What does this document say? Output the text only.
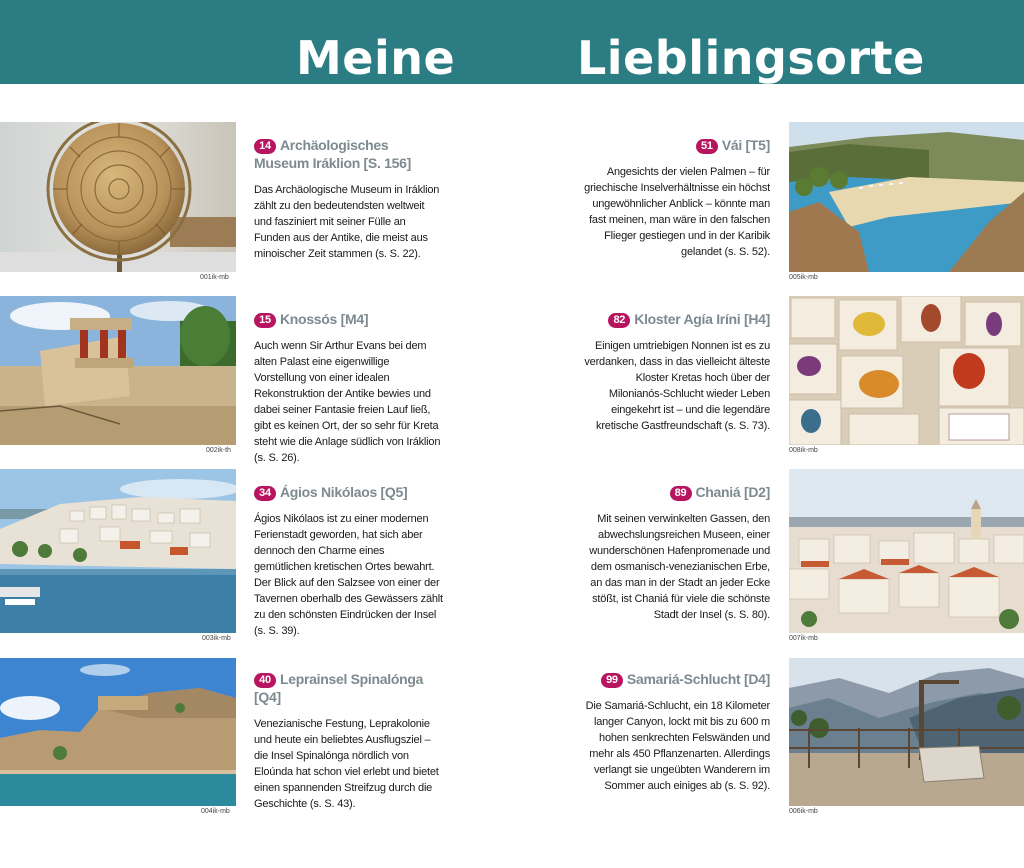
Meine	Lieblingsorte
001ik-mb
14 Archäologisches Museum Iráklion [S. 156]
Das Archäologische Museum in Iráklion zählt zu den bedeutendsten weltweit und fasziniert mit seiner Fülle an Funden aus der Antike, die meist aus minoischer Zeit stammen (s. S. 22).
002ik-th
15 Knossós [M4]
Auch wenn Sir Arthur Evans bei dem alten Palast eine eigenwillige Vorstellung von einer idealen Rekonstruktion der Antike bewies und dabei seiner Fantasie freien Lauf ließ, gibt es keinen Ort, der so sehr für Kreta steht wie die Anlage südlich von Iráklion (s. S. 26).
003ik-mb
34 Ágios Nikólaos [Q5]
Ágios Nikólaos ist zu einer modernen Ferienstadt geworden, hat sich aber dennoch den Charme eines gemütlichen kretischen Ortes bewahrt. Der Blick auf den Salzsee von einer der Tavernen oberhalb des Gewässers zählt zu den schönsten Eindrücken der Insel (s. S. 39).
004ik-mb
40 Leprainsel Spinalónga [Q4]
Venezianische Festung, Leprakolonie und heute ein beliebtes Ausflugsziel – die Insel Spinalónga nördlich von Eloúnda hat schon viel erlebt und bietet einen spannenden Streifzug durch die Geschichte (s. S. 43).
51 Vái [T5]
Angesichts der vielen Palmen – für griechische Inselverhältnisse ein höchst ungewöhnlicher Anblick – könnte man fast meinen, man wäre in den falschen Flieger gestiegen und in der Karibik gelandet (s. S. 52).
005ik-mb
82 Kloster Agía Iríni [H4]
Einigen umtriebigen Nonnen ist es zu verdanken, dass in das vielleicht älteste Kloster Kretas hoch über der Milonianós-Schlucht wieder Leben eingekehrt ist – und die legendäre kretische Gastfreundschaft (s. S. 73).
008ik-mb
89 Chaniá [D2]
Mit seinen verwinkelten Gassen, den abwechslungsreichen Museen, einer wunderschönen Hafenpromenade und dem osmanisch-venezianischen Erbe, an das man in der Stadt an jeder Ecke stößt, ist Chaniá für viele die schönste Stadt der Insel (s. S. 80).
007ik-mb
99 Samariá-Schlucht [D4]
Die Samariá-Schlucht, ein 18 Kilometer langer Canyon, lockt mit bis zu 600 m hohen senkrechten Felswänden und mehr als 450 Pflanzenarten. Allerdings verlangt sie ungeübten Wanderern im Sommer auch einiges ab (s. S. 92).
006ik-mb
